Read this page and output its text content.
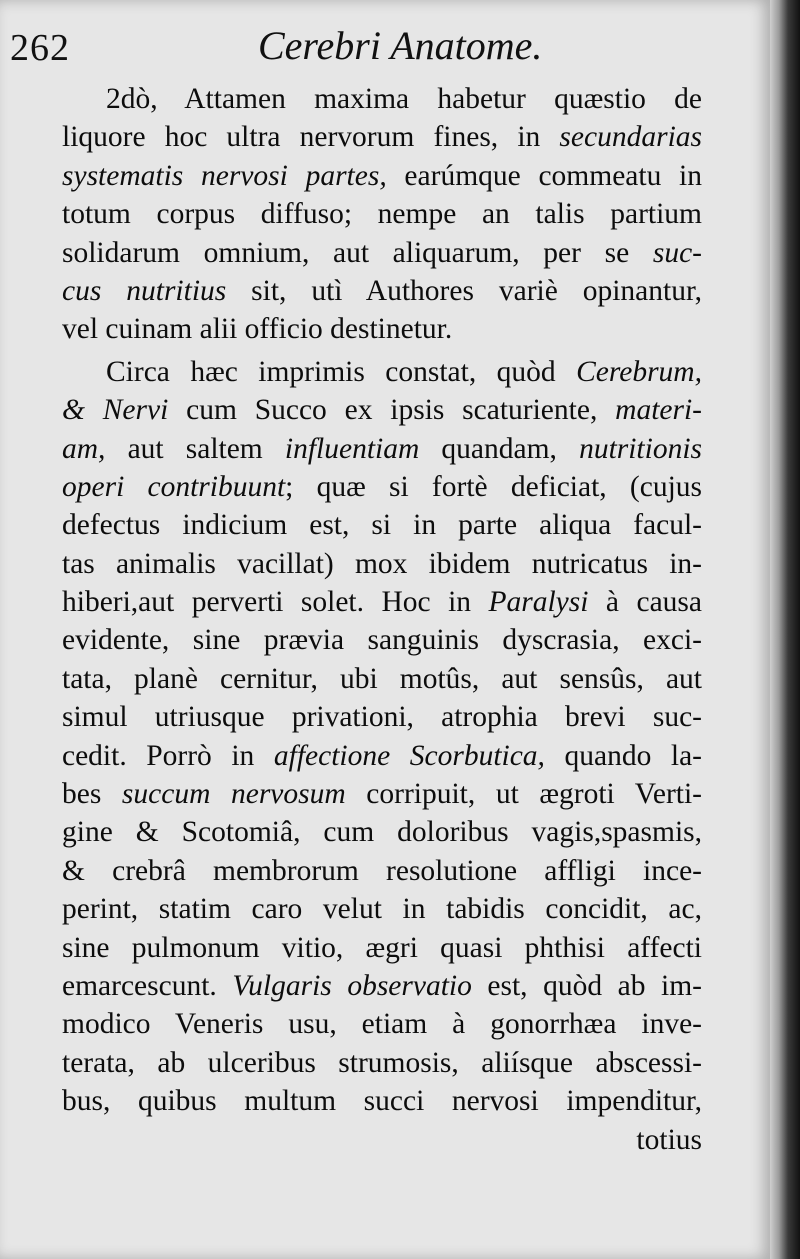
262	Cerebri Anatome.
2dò, Attamen maxima habetur quæstio de
liquore hoc ultra nervorum fines, in secundarias
systematis nervosi partes, earúmque commeatu in
totum corpus diffuso; nempe an talis partium
solidarum omnium, aut aliquarum, per se suc-
cus nutritius sit, utì Authores variè opinantur,
vel cuinam alii officio destinetur.
Circa hæc imprimis constat, quòd Cerebrum,
& Nervi cum Succo ex ipsis scaturiente, materi-
am, aut saltem influentiam quandam, nutritionis
operi contribuunt; quæ si fortè deficiat, (cujus
defectus indicium est, si in parte aliqua facul-
tas animalis vacillat) mox ibidem nutricatus in-
hiberi,aut perverti solet. Hoc in Paralysi à causa
evidente, sine prævia sanguinis dyscrasia, exci-
tata, planè cernitur, ubi motûs, aut sensûs, aut
simul utriusque privationi, atrophia brevi suc-
cedit. Porrò in affectione Scorbutica, quando la-
bes succum nervosum corripuit, ut ægroti Verti-
gine & Scotomiâ, cum doloribus vagis,spasmis,
& crebrâ membrorum resolutione affligi ince-
perint, statim caro velut in tabidis concidit, ac,
sine pulmonum vitio, ægri quasi phthisi affecti
emarcescunt. Vulgaris observatio est, quòd ab im-
modico Veneris usu, etiam à gonorrhæa inve-
terata, ab ulceribus strumosis, aliísque abscessi-
bus, quibus multum succi nervosi impenditur,
totius
